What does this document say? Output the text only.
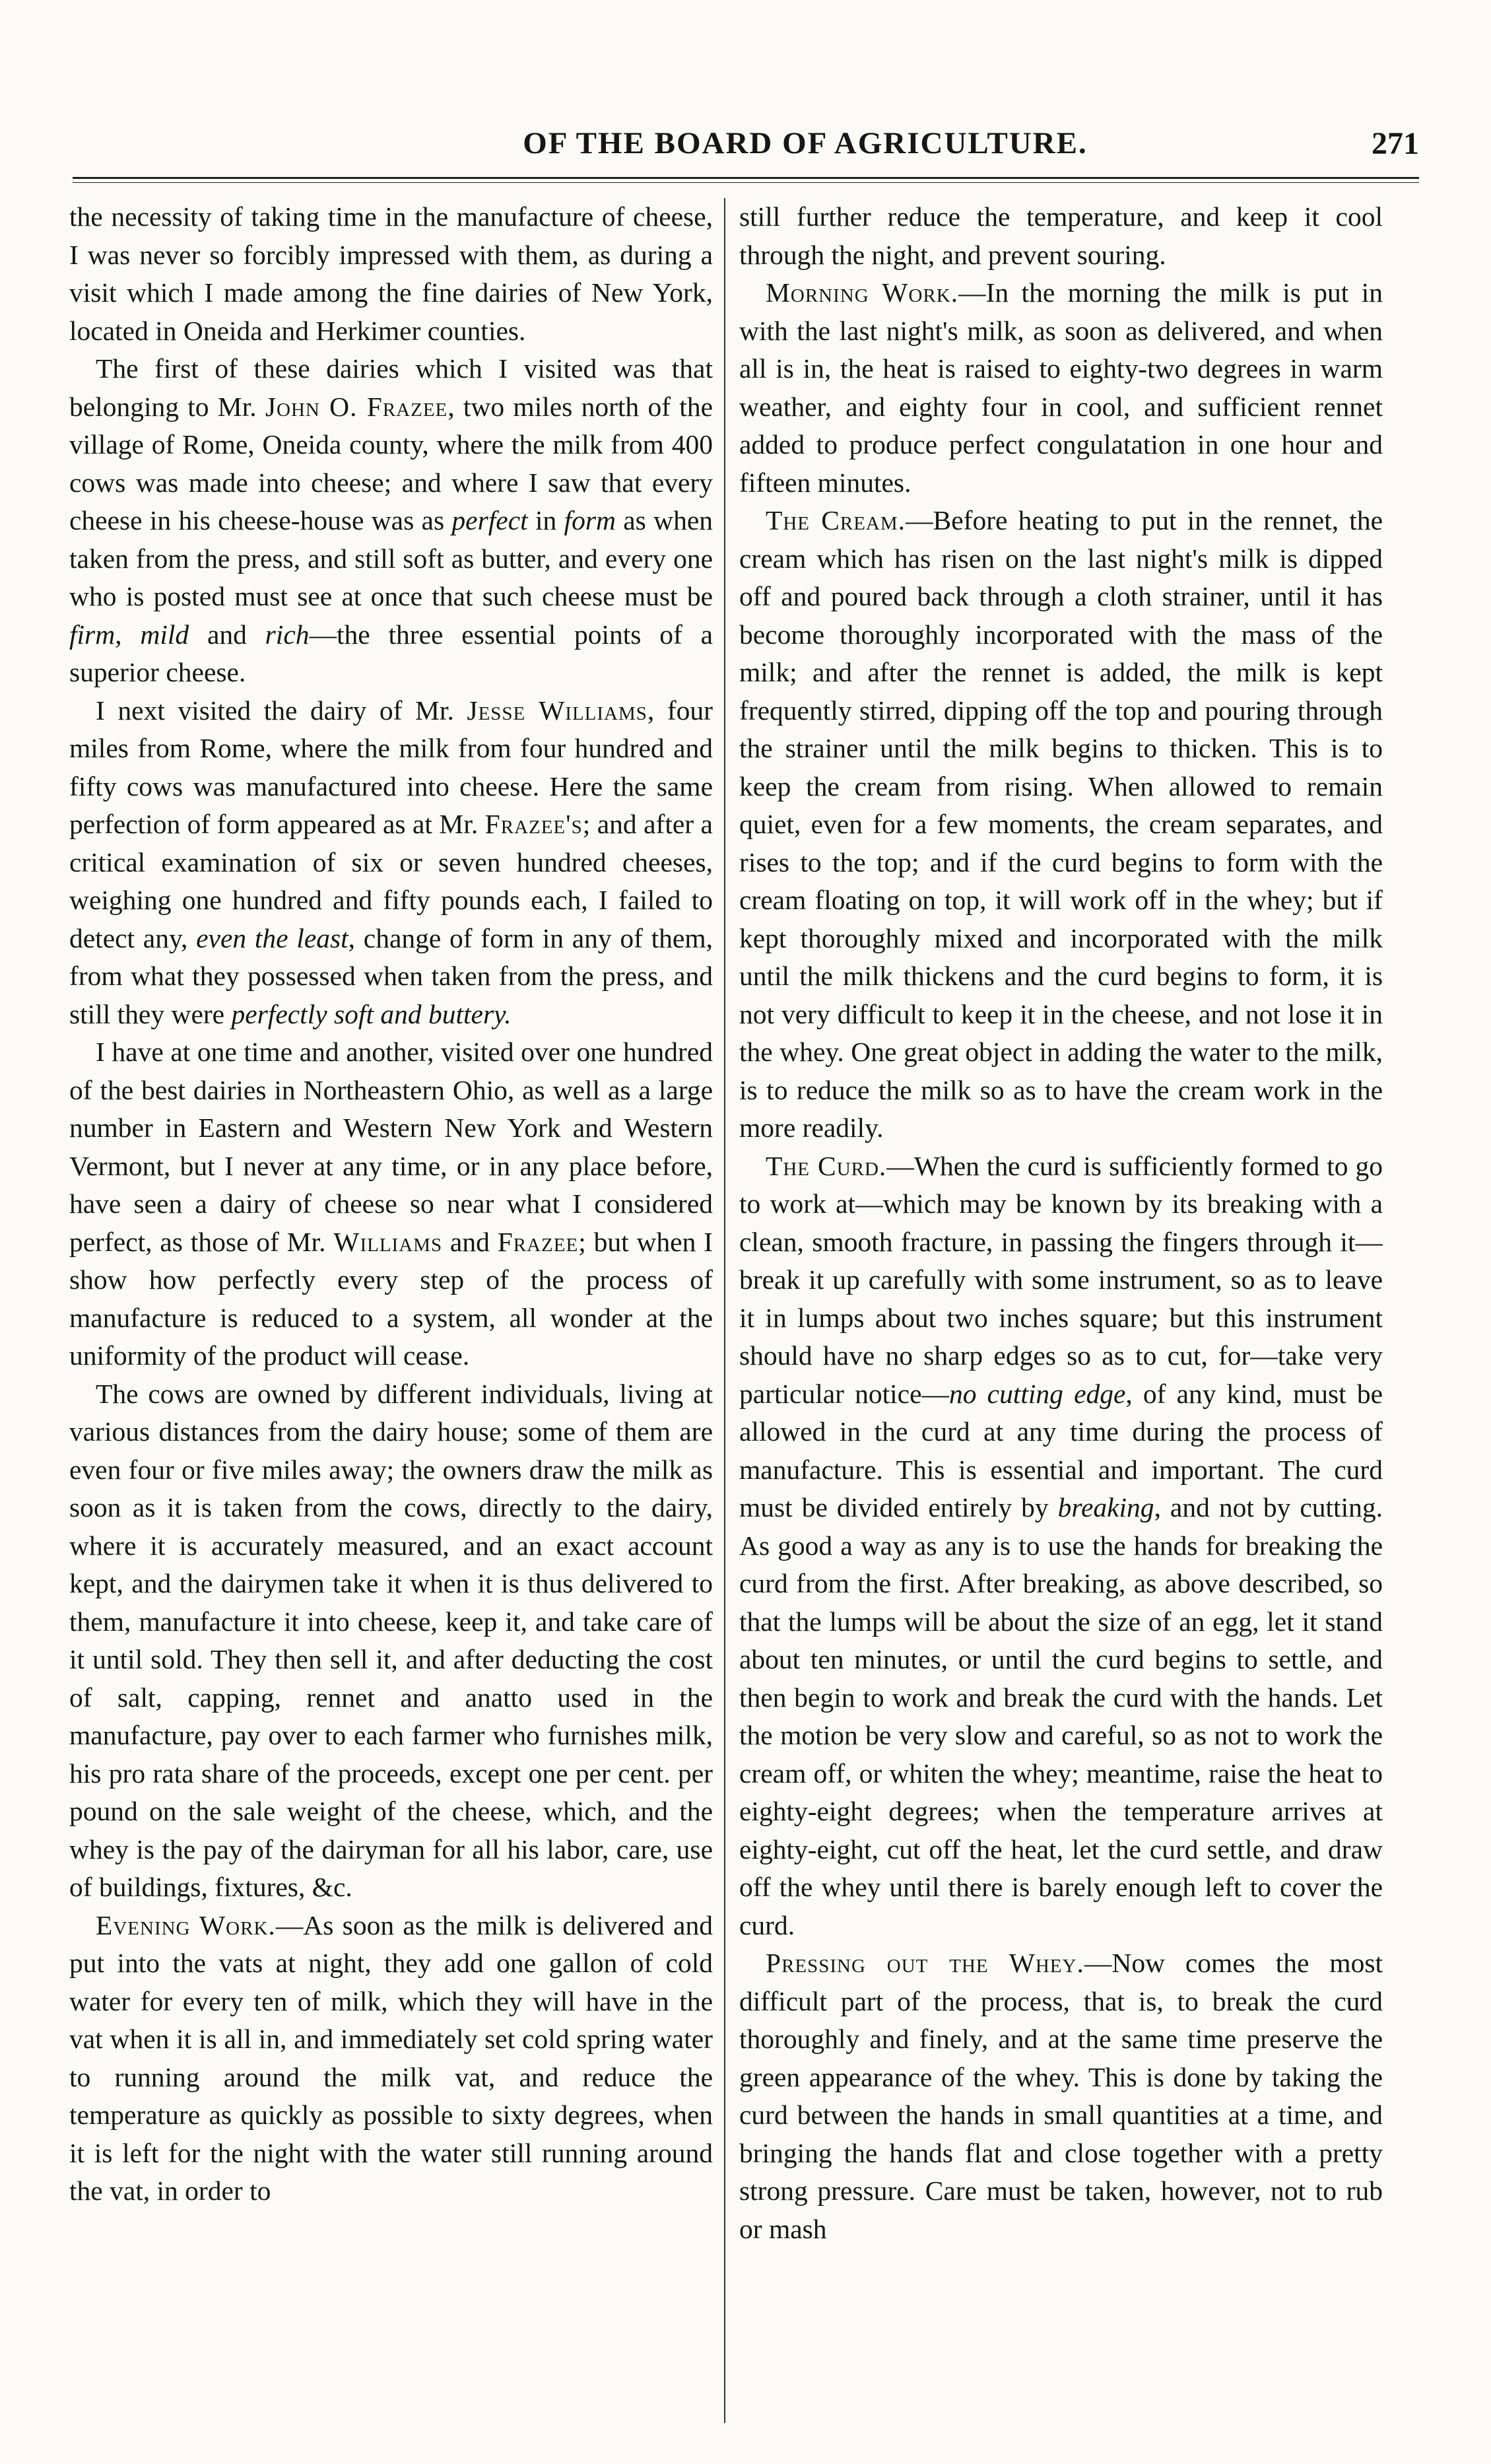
OF THE BOARD OF AGRICULTURE.	271

the necessity of taking time in the manufacture of cheese, I was never so forcibly impressed with them, as during a visit which I made among the fine dairies of New York, located in Oneida and Herkimer counties.

The first of these dairies which I visited was that belonging to Mr. John O. Frazee, two miles north of the village of Rome, Oneida county, where the milk from 400 cows was made into cheese; and where I saw that every cheese in his cheese-house was as perfect in form as when taken from the press, and still soft as butter, and every one who is posted must see at once that such cheese must be firm, mild and rich—the three essential points of a superior cheese.

I next visited the dairy of Mr. Jesse Williams, four miles from Rome, where the milk from four hundred and fifty cows was manufactured into cheese. Here the same perfection of form appeared as at Mr. Frazee's; and after a critical examination of six or seven hundred cheeses, weighing one hundred and fifty pounds each, I failed to detect any, even the least, change of form in any of them, from what they possessed when taken from the press, and still they were perfectly soft and buttery.

I have at one time and another, visited over one hundred of the best dairies in Northeastern Ohio, as well as a large number in Eastern and Western New York and Western Vermont, but I never at any time, or in any place before, have seen a dairy of cheese so near what I considered perfect, as those of Mr. Williams and Frazee; but when I show how perfectly every step of the process of manufacture is reduced to a system, all wonder at the uniformity of the product will cease.

The cows are owned by different individuals, living at various distances from the dairy house; some of them are even four or five miles away; the owners draw the milk as soon as it is taken from the cows, directly to the dairy, where it is accurately measured, and an exact account kept, and the dairymen take it when it is thus delivered to them, manufacture it into cheese, keep it, and take care of it until sold. They then sell it, and after deducting the cost of salt, capping, rennet and anatto used in the manufacture, pay over to each farmer who furnishes milk, his pro rata share of the proceeds, except one per cent. per pound on the sale weight of the cheese, which, and the whey is the pay of the dairyman for all his labor, care, use of buildings, fixtures, &c.

Evening Work.—As soon as the milk is delivered and put into the vats at night, they add one gallon of cold water for every ten of milk, which they will have in the vat when it is all in, and immediately set cold spring water to running around the milk vat, and reduce the temperature as quickly as possible to sixty degrees, when it is left for the night with the water still running around the vat, in order to

still further reduce the temperature, and keep it cool through the night, and prevent souring.

Morning Work.—In the morning the milk is put in with the last night's milk, as soon as delivered, and when all is in, the heat is raised to eighty-two degrees in warm weather, and eighty four in cool, and sufficient rennet added to produce perfect congulatation in one hour and fifteen minutes.

The Cream.—Before heating to put in the rennet, the cream which has risen on the last night's milk is dipped off and poured back through a cloth strainer, until it has become thoroughly incorporated with the mass of the milk; and after the rennet is added, the milk is kept frequently stirred, dipping off the top and pouring through the strainer until the milk begins to thicken. This is to keep the cream from rising. When allowed to remain quiet, even for a few moments, the cream separates, and rises to the top; and if the curd begins to form with the cream floating on top, it will work off in the whey; but if kept thoroughly mixed and incorporated with the milk until the milk thickens and the curd begins to form, it is not very difficult to keep it in the cheese, and not lose it in the whey. One great object in adding the water to the milk, is to reduce the milk so as to have the cream work in the more readily.

The Curd.—When the curd is sufficiently formed to go to work at—which may be known by its breaking with a clean, smooth fracture, in passing the fingers through it—break it up carefully with some instrument, so as to leave it in lumps about two inches square; but this instrument should have no sharp edges so as to cut, for—take very particular notice—no cutting edge, of any kind, must be allowed in the curd at any time during the process of manufacture. This is essential and important. The curd must be divided entirely by breaking, and not by cutting. As good a way as any is to use the hands for breaking the curd from the first. After breaking, as above described, so that the lumps will be about the size of an egg, let it stand about ten minutes, or until the curd begins to settle, and then begin to work and break the curd with the hands. Let the motion be very slow and careful, so as not to work the cream off, or whiten the whey; meantime, raise the heat to eighty-eight degrees; when the temperature arrives at eighty-eight, cut off the heat, let the curd settle, and draw off the whey until there is barely enough left to cover the curd.

Pressing out the Whey.—Now comes the most difficult part of the process, that is, to break the curd thoroughly and finely, and at the same time preserve the green appearance of the whey. This is done by taking the curd between the hands in small quantities at a time, and bringing the hands flat and close together with a pretty strong pressure. Care must be taken, however, not to rub or mash
